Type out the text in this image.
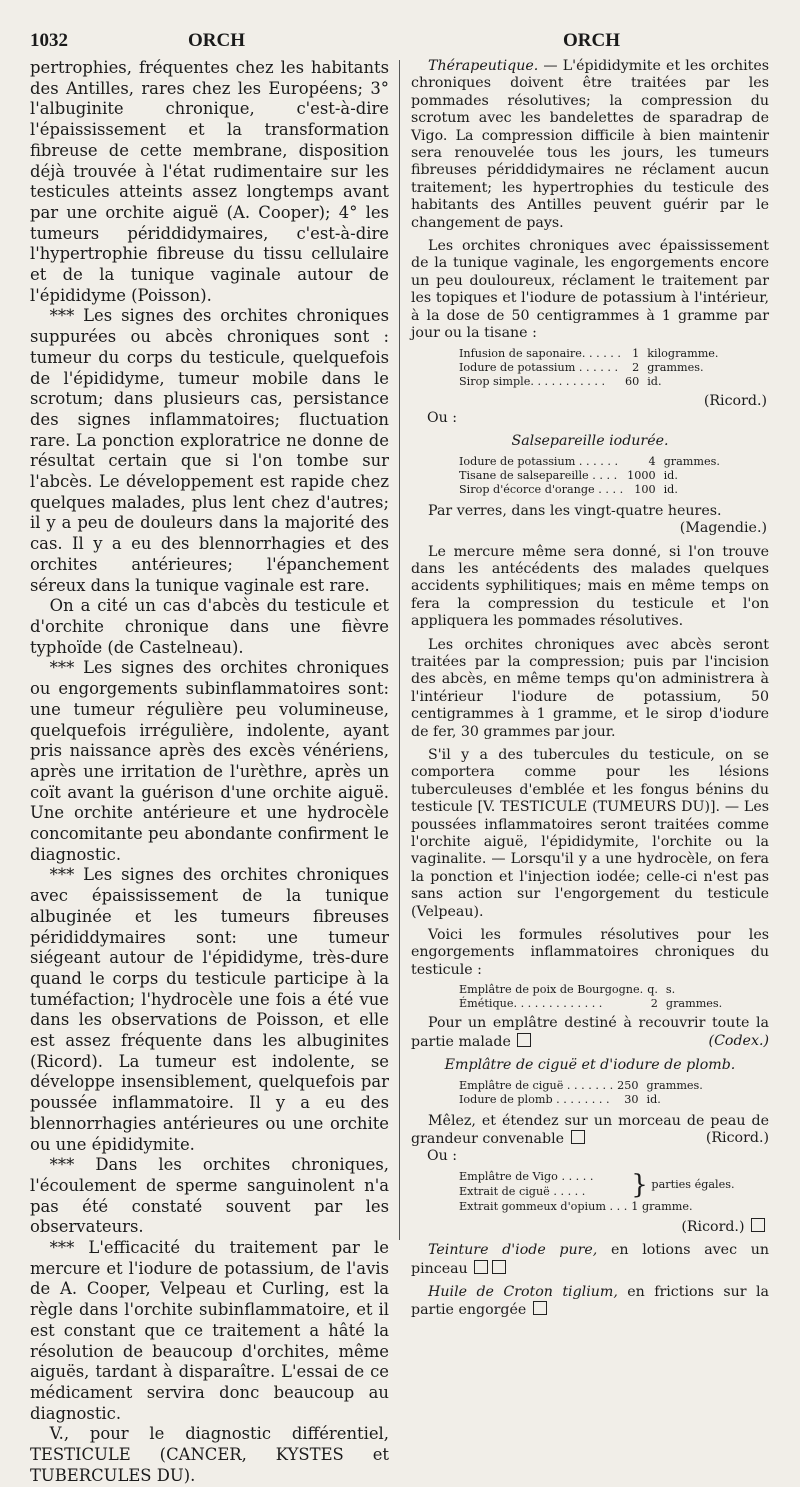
1032	ORCH	ORCH

pertrophies, fréquentes chez les habitants des Antilles, rares chez les Européens; 3° l'albuginite chronique, c'est-à-dire l'épaississement et la transformation fibreuse de cette membrane, disposition déjà trouvée à l'état rudimentaire sur les testicules atteints assez longtemps avant par une orchite aiguë (A. Cooper); 4° les tumeurs périddidymaires, c'est-à-dire l'hypertrophie fibreuse du tissu cellulaire et de la tunique vaginale autour de l'épididyme (Poisson).

*** Les signes des orchites chroniques suppurées ou abcès chroniques sont : tumeur du corps du testicule, quelquefois de l'épididyme, tumeur mobile dans le scrotum; dans plusieurs cas, persistance des signes inflammatoires; fluctuation rare. La ponction exploratrice ne donne de résultat certain que si l'on tombe sur l'abcès. Le développement est rapide chez quelques malades, plus lent chez d'autres; il y a peu de douleurs dans la majorité des cas. Il y a eu des blennorrhagies et des orchites antérieures; l'épanchement séreux dans la tunique vaginale est rare.

On a cité un cas d'abcès du testicule et d'orchite chronique dans une fièvre typhoïde (de Castelneau).

*** Les signes des orchites chroniques ou engorgements subinflammatoires sont: une tumeur régulière peu volumineuse, quelquefois irrégulière, indolente, ayant pris naissance après des excès vénériens, après une irritation de l'urèthre, après un coït avant la guérison d'une orchite aiguë. Une orchite antérieure et une hydrocèle concomitante peu abondante confirment le diagnostic.

*** Les signes des orchites chroniques avec épaississement de la tunique albuginée et les tumeurs fibreuses pérididdymaires sont: une tumeur siégeant autour de l'épididyme, très-dure quand le corps du testicule participe à la tuméfaction; l'hydrocèle une fois a été vue dans les observations de Poisson, et elle est assez fréquente dans les albuginites (Ricord). La tumeur est indolente, se développe insensiblement, quelquefois par poussée inflammatoire. Il y a eu des blennorrhagies antérieures ou une orchite ou une épididymite.

*** Dans les orchites chroniques, l'écoulement de sperme sanguinolent n'a pas été constaté souvent par les observateurs.

*** L'efficacité du traitement par le mercure et l'iodure de potassium, de l'avis de A. Cooper, Velpeau et Curling, est la règle dans l'orchite subinflammatoire, et il est constant que ce traitement a hâté la résolution de beaucoup d'orchites, même aiguës, tardant à disparaître. L'essai de ce médicament servira donc beaucoup au diagnostic.

V., pour le diagnostic différentiel, TESTICULE (CANCER, KYSTES et TUBERCULES DU).

Thérapeutique. — L'épididymite et les orchites chroniques doivent être traitées par les pommades résolutives; la compression du scrotum avec les bandelettes de sparadrap de Vigo. La compression difficile à bien maintenir sera renouvelée tous les jours, les tumeurs fibreuses périddidymaires ne réclament aucun traitement; les hypertrophies du testicule des habitants des Antilles peuvent guérir par le changement de pays.

Les orchites chroniques avec épaississement de la tunique vaginale, les engorgements encore un peu douloureux, réclament le traitement par les topiques et l'iodure de potassium à l'intérieur, à la dose de 50 centigrammes à 1 gramme par jour ou la tisane :

Infusion de saponaire. . . . . .	1	kilogramme.
Iodure de potassium . . . . . .	2	grammes.
Sirop simple. . . . . . . . . . .	60	id.

(Ricord.)

Ou :

Salsepareille iodurée.

Iodure de potassium . . . . . .	4	grammes.
Tisane de salsepareille . . . .	1000	id.
Sirop d'écorce d'orange . . . .	100	id.

Par verres, dans les vingt-quatre heures.

(Magendie.)

Le mercure même sera donné, si l'on trouve dans les antécédents des malades quelques accidents syphilitiques; mais en même temps on fera la compression du testicule et l'on appliquera les pommades résolutives.

Les orchites chroniques avec abcès seront traitées par la compression; puis par l'incision des abcès, en même temps qu'on administrera à l'intérieur l'iodure de potassium, 50 centigrammes à 1 gramme, et le sirop d'iodure de fer, 30 grammes par jour.

S'il y a des tubercules du testicule, on se comportera comme pour les lésions tuberculeuses d'emblée et les fongus bénins du testicule [V. TESTICULE (TUMEURS DU)]. — Les poussées inflammatoires seront traitées comme l'orchite aiguë, l'épididymite, l'orchite ou la vaginalite. — Lorsqu'il y a une hydrocèle, on fera la ponction et l'injection iodée; celle-ci n'est pas sans action sur l'engorgement du testicule (Velpeau).

Voici les formules résolutives pour les engorgements inflammatoires chroniques du testicule :

Emplâtre de poix de Bourgogne.	q.	s.
Émétique. . . . . . . . . . . . .	2	grammes.

Pour un emplâtre destiné à recouvrir toute la partie malade	(Codex.)

Emplâtre de ciguë et d'iodure de plomb.

Emplâtre de ciguë . . . . . . .	250	grammes.
Iodure de plomb . . . . . . . .	30	id.

Mêlez, et étendez sur un morceau de peau de grandeur convenable	(Ricord.)

Ou :

Emplâtre de Vigo . . . . .	} parties égales.
Extrait de ciguë . . . . .	
Extrait gommeux d'opium . . .	1 gramme.

(Ricord.)

Teinture d'iode pure, en lotions avec un pinceau

Huile de Croton tiglium, en frictions sur la partie engorgée
